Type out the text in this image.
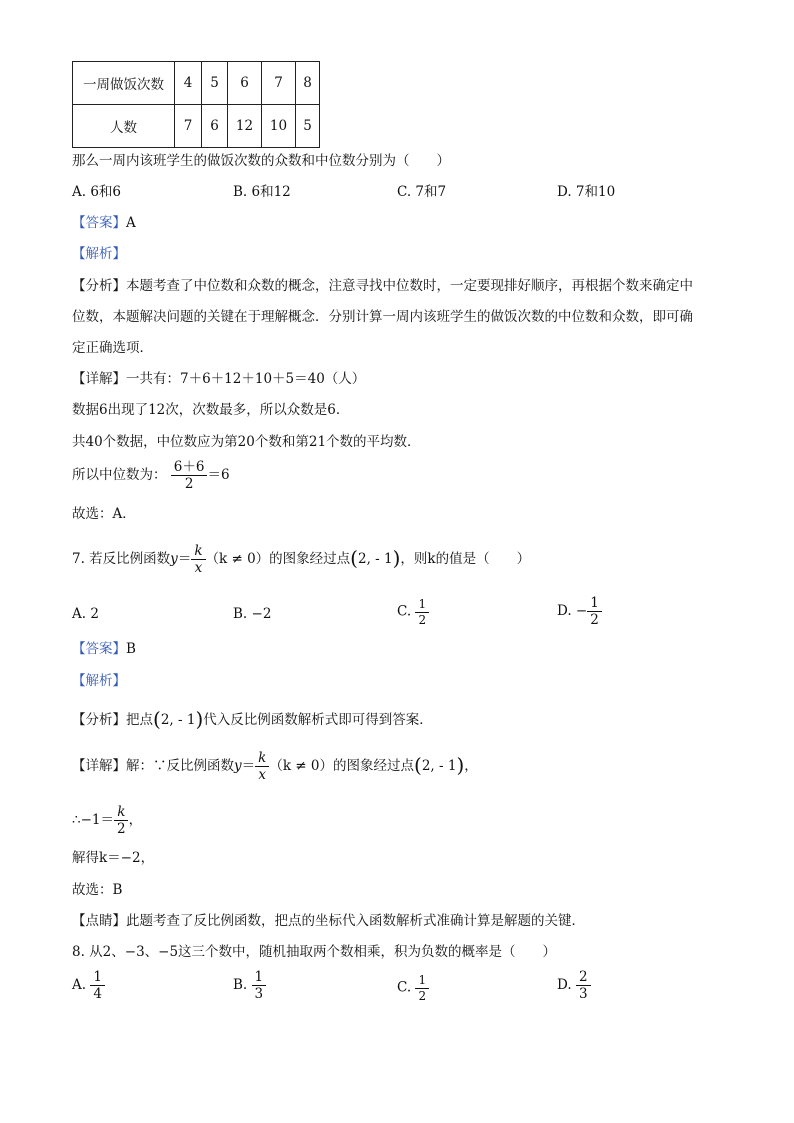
一周做饭次数	4	5	6	7	8
人数	7	6	12	10	5
那么一周内该班学生的做饭次数的众数和中位数分别为（　　）
A. 6和6	B. 6和12	C. 7和7	D. 7和10
【答案】A
【解析】
【分析】本题考查了中位数和众数的概念，注意寻找中位数时，一定要现排好顺序，再根据个数来确定中
位数，本题解决问题的关键在于理解概念．分别计算一周内该班学生的做饭次数的中位数和众数，即可确
定正确选项．
【详解】一共有：7＋6＋12＋10＋5＝40（人）
数据6出现了12次，次数最多，所以众数是6．
共40个数据，中位数应为第20个数和第21个数的平均数．
所以中位数为： $\frac{6+6}{2} =6$
故选：A．
7. 若反比例函数$y= \frac{k}{x} (k \ne 0)$的图象经过点(2, - 1)，则k的值是（　　）
A. 2	B. −2	C. $\frac{1}{2}$	D. − $\frac{1}{2}$
【答案】B
【解析】
【分析】把点(2, - 1)代入反比例函数解析式即可得到答案．
【详解】解：∵反比例函数$y= \frac{k}{x} (k \ne 0)$的图象经过点(2, - 1)，
∴−1＝ $\frac{k}{2}$ ，
解得k＝−2，
故选：B
【点睛】此题考查了反比例函数，把点的坐标代入函数解析式准确计算是解题的关键．
8. 从2、−3、−5这三个数中，随机抽取两个数相乘，积为负数的概率是（　　）
A. $\frac{1}{4}$	B. $\frac{1}{3}$	C. $\frac{1}{2}$	D. $\frac{2}{3}$
